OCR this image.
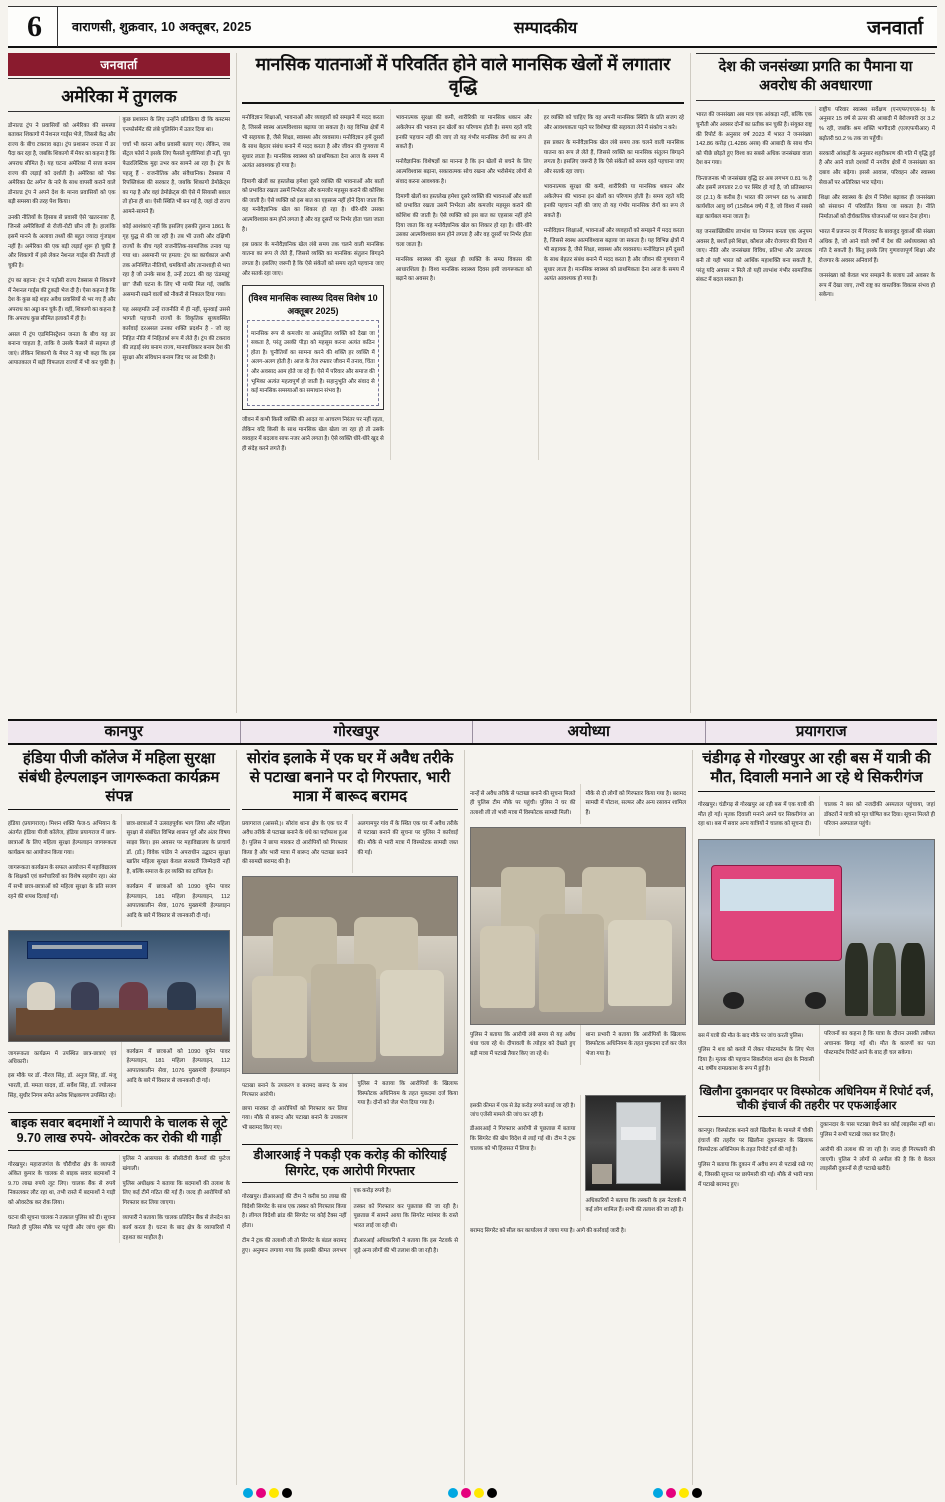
6	वाराणसी, शुक्रवार, 10 अक्तूबर, 2025	सम्पादकीय	जनवार्ता
जनवार्ता
अमेरिका में तुगलक

डोनाल्ड ट्रंप ने प्रवासियों को अमेरिका की समस्या बताकर शिकागो में नेशनल गार्ड्स भेजे, जिससे केंद्र और राज्य के बीच टकराव बढ़ा। ट्रंप प्रशासन जनता में डर पैदा कर रहा है, जबकि शिकागो में मेयर का कहना है कि अपराध सीमित है। यह घटना अमेरिका में सत्ता बनाम राज्य की लड़ाई को दर्शाती है। अमेरिका को 'मेक अमेरिका ग्रेट अगेन' के नारे के साथ वापसी कराने वाले डोनाल्ड ट्रंप ने अपने देश के मानव प्रवासियों को एक बड़ी समस्या की तरह पेश किया।

उनकी नीतियों के हिसाब से प्रवासी ऐसे 'खतरनाक' हैं, जिनसे अमेरिकियों से रोजी-रोटी छीन ली है। हालांकि इसमें मानने के अलावा तथ्यों की बहुत ज्यादा गुंजाइश नहीं है। अमेरिका की एक बड़ी लड़ाई शुरू हो चुकी है और शिकागो में इसे लेकर नेशनल गार्ड्स की तैनाती हो चुकी है।

ट्रंप का बहाना: ट्रंप ने पड़ोसी राज्य टेक्सास से शिकागो में नेशनल गार्ड्स की टुकड़ी भेज दी है। ऐसा कहना है कि देश के कुछ बड़े शहर अवैध प्रवासियों से भर गए हैं और अपराध का अड्डा बन चुके हैं। वहीं, शिकागो का कहना है कि अपराध कुछ सीमित इलाकों में ही है।

असल में ट्रंप एडमिनिस्ट्रेशन जनता के बीच यह डर बनाना चाहता है, ताकि वे उसके फैसले से सहमत हो जाएं। लेकिन शिकागो के मेयर ने यह भी कहा कि इस आपातकाल में बड़ी विफलता राज्यों में भी कर चुकी है। कुछ प्रशासन के लिए उन्होंने प्रतिक्रिया दी कि कस्टम्स एनफोर्समेंट की लंबे पुलिसिंग में उतार दिया था।

चर्चा भी करना अवैध प्रवासी बताए गए। लेकिन, जब सेंट्रल फोर्स ने इसके लिए फैसले मुजीमियां ही नहीं, पूरा फेडरलिस्टिक मुद्दा उभर कर सामने आ रहा है। ट्रंप के पहलू हैं - राजनीतिक और संवैधानिक। टेक्सास में रिपब्लिकंस की सरकार है, जबकि शिकागो डेमोक्रेट्स का गढ़ है और वहां डेमोक्रेट्स की ऐसे में सियासी बवाल तो होना ही था। ऐसी स्थिति भी बन गई है, जहां दो राज्य आमने-सामने हैं।

कोई आशंकाएं नहीं कि इसलिए इसकी तुलना 1861 के गृह युद्ध से की जा रही है। तब भी उत्तरी और दक्षिणी राज्यों के बीच गहरे राजनीतिक-सामाजिक तनाव पड़ गया था। असमानी पर हमला: ट्रंप का कार्यकाल अभी तक अनिश्चित नीतियों, धमकियों और तानाशाही से भरा रहा है जो उनके साथ है, उन्हें 2021 की वह 'ठंडमझूं' छा'' जैसी घटना के लिए भी माफी मिल गई, जबकि असमानी रखने वालों को नौकरी से निकाल दिया गया।

यह असहमति उन्हें राजनीति में ही नहीं, सुनवाई उससे भागती पहचानी राज्यों के विकृतिक सुव्यवस्थित कार्रवाई दरअसल उनका शक्ति प्रदर्शन है - जो वह निहित नीति में निहितार्थ रूप में लेते हैं। ट्रंप की टकराव की लड़ाई संघ बनाम राज्य, मानवाधिकार बनाम देश की सुरक्षा और संविधान बनाम जिद पर आ टिकी है।

मानसिक यातनाओं में परिवर्तित होने वाले मानसिक खेलों में लगातार वृद्धि

मनोविज्ञान शिक्षाओं, भावनाओं और व्यवहारों को समझने में मदद करता है, जिससे स्वस्थ आत्मविश्वास बढ़ाया जा सकता है। यह विभिन्न क्षेत्रों में भी सहायक है, जैसे शिक्षा, स्वास्थ्य और व्यवसाय। मनोविज्ञान हमें दूसरों के साथ बेहतर संबंध बनाने में मदद करता है और जीवन की गुणवत्ता में सुधार लाता है। मानसिक स्वास्थ्य को प्राथमिकता देना आज के समय में अत्यंत आवश्यक हो गया है।

दिमागी खेलों का हस्तलेख हमेशा दूसरे व्यक्ति की भावनाओं और बातों को प्रभावित रखता उसमें निर्भरता और कमजोर महसूस कराने की कोशिश की जाती है। ऐसे व्यक्ति को इस बात का एहसास नहीं होने दिया जाता कि वह मनोवैज्ञानिक खेल का शिकार हो रहा है। धीरे-धीरे उसका आत्मविश्वास कम होने लगता है और वह दूसरों पर निर्भर होता चला जाता है।

इस प्रकार के मनोवैज्ञानिक खेल लंबे समय तक चलने वाली मानसिक यातना का रूप ले लेते हैं, जिससे व्यक्ति का मानसिक संतुलन बिगड़ने लगता है। इसलिए जरूरी है कि ऐसे संकेतों को समय रहते पहचाना जाए और सतर्क रहा जाए।

(विश्व मानसिक स्वास्थ्य दिवस विशेष 10 अक्तूबर 2025)

मानसिक रूप से कमजोर या असंतुलित व्यक्ति को देखा जा सकता है, परंतु उसकी पीड़ा को महसूस करना अत्यंत कठिन होता है। चुनौतियों का सामना करने की शक्ति हर व्यक्ति में अलग-अलग होती है। आज के तेज रफ्तार जीवन में तनाव, चिंता और अवसाद आम होते जा रहे हैं। ऐसे में परिवार और समाज की भूमिका अत्यंत महत्वपूर्ण हो जाती है। सहानुभूति और संवाद से कई मानसिक समस्याओं का समाधान संभव है।

जीवन में कभी किसी व्यक्ति की आदत या आचरण निरंतर पर नहीं रहता, लेकिन यदि किसी के साथ मानसिक खेल खेला जा रहा हो तो उसके व्यवहार में बदलाव साफ नजर आने लगता है। ऐसे व्यक्ति धीरे-धीरे खुद से ही संदेह करने लगते हैं।

भावनात्मक सुरक्षा की कमी, शारीरिकी या मानसिक थकान और अकेलेपन की भावना इन खेलों का परिणाम होती है। समय रहते यदि इनकी पहचान नहीं की जाए तो यह गंभीर मानसिक रोगों का रूप ले सकते हैं।

मनोवैज्ञानिक विशेषज्ञों का मानना है कि इन खेलों से बचने के लिए आत्मविश्वास बढ़ाना, सकारात्मक सोच रखना और भरोसेमंद लोगों से संवाद करना आवश्यक है।

दिमागी खेलों का हस्तलेख हमेशा दूसरे व्यक्ति की भावनाओं और बातों को प्रभावित रखता उसमें निर्भरता और कमजोर महसूस कराने की कोशिश की जाती है। ऐसे व्यक्ति को इस बात का एहसास नहीं होने दिया जाता कि वह मनोवैज्ञानिक खेल का शिकार हो रहा है। धीरे-धीरे उसका आत्मविश्वास कम होने लगता है और वह दूसरों पर निर्भर होता चला जाता है।

मानसिक स्वास्थ्य की सुरक्षा ही व्यक्ति के समग्र विकास की आधारशिला है। विश्व मानसिक स्वास्थ्य दिवस इसी जागरूकता को बढ़ाने का अवसर है।

हर व्यक्ति को चाहिए कि वह अपनी मानसिक स्थिति के प्रति सजग रहे और आवश्यकता पड़ने पर विशेषज्ञ की सहायता लेने में संकोच न करे।

इस प्रकार के मनोवैज्ञानिक खेल लंबे समय तक चलने वाली मानसिक यातना का रूप ले लेते हैं, जिससे व्यक्ति का मानसिक संतुलन बिगड़ने लगता है। इसलिए जरूरी है कि ऐसे संकेतों को समय रहते पहचाना जाए और सतर्क रहा जाए।

भावनात्मक सुरक्षा की कमी, शारीरिकी या मानसिक थकान और अकेलेपन की भावना इन खेलों का परिणाम होती है। समय रहते यदि इनकी पहचान नहीं की जाए तो यह गंभीर मानसिक रोगों का रूप ले सकते हैं।

मनोविज्ञान शिक्षाओं, भावनाओं और व्यवहारों को समझने में मदद करता है, जिससे स्वस्थ आत्मविश्वास बढ़ाया जा सकता है। यह विभिन्न क्षेत्रों में भी सहायक है, जैसे शिक्षा, स्वास्थ्य और व्यवसाय। मनोविज्ञान हमें दूसरों के साथ बेहतर संबंध बनाने में मदद करता है और जीवन की गुणवत्ता में सुधार लाता है। मानसिक स्वास्थ्य को प्राथमिकता देना आज के समय में अत्यंत आवश्यक हो गया है।

देश की जनसंख्या प्रगति का पैमाना या अवरोध की अवधारणा

भारत की जनसंख्या अब मात्र एक आंकड़ा नहीं, बल्कि एक चुनौती और अवसर दोनों का प्रतीक बन चुकी है। संयुक्त राष्ट्र की रिपोर्ट के अनुसार वर्ष 2023 में भारत ने जनसंख्या 142.86 करोड़ (1.4286 अरब) की आबादी के साथ चीन को पीछे छोड़ते हुए विश्व का सबसे अधिक जनसंख्या वाला देश बन गया।

चिन्ताजनक भी जनसंख्या वृद्धि दर अब लगभग 0.81 % है और इसमें लगातार 2.0 पर स्थिर हो गई है, जो प्रतिस्थापन दर (2.1) के करीब है। भारत की लगभग 68 % आबादी कार्यशील आयु वर्ग (15से64 वर्ष) में है, जो विश्व में सबसे बड़ा कार्यबल माना जाता है।

यह जनसांख्यिकीय लाभांश या निगमन बनता एक अनुपम अवसर है, बशर्ते इसे शिक्षा, कौशल और रोजगार की दिशा में जाए। नीति और जनसंख्या विविध, प्रतिभा और उत्पादक बनी तो यही भारत को आर्थिक महाशक्ति बना सकती है, परंतु यदि अवसर न मिले तो यही लाभांश गंभीर सामाजिक संकट में बदल सकता है।

राष्ट्रीय परिवार स्वास्थ्य सर्वेक्षण (एनएफएचएस-5) के अनुसार 15 वर्ष से ऊपर की आबादी में बेरोजगारी दर 3.2 % रही, जबकि श्रम शक्ति भागीदारी (एलएफपीआर) में बढ़ोतरी 50.2 % तक जा पहुँची।

सरकारी आंकड़ों के अनुसार शहरीकरण की गति में वृद्धि हुई है और आने वाले दशकों में नगरीय क्षेत्रों में जनसंख्या का दबाव और बढ़ेगा। इससे आवास, परिवहन और स्वास्थ्य सेवाओं पर अतिरिक्त भार पड़ेगा।

शिक्षा और स्वास्थ्य के क्षेत्र में निवेश बढ़ाकर ही जनसंख्या को संसाधन में परिवर्तित किया जा सकता है। नीति निर्माताओं को दीर्घकालिक योजनाओं पर ध्यान देना होगा।

भारत में प्रजनन दर में गिरावट के बावजूद युवाओं की संख्या अधिक है, जो आने वाले वर्षों में देश की अर्थव्यवस्था को गति दे सकती है। किंतु इसके लिए गुणवत्तापूर्ण शिक्षा और रोजगार के अवसर अनिवार्य हैं।

जनसंख्या को केवल भार समझने के बजाय उसे अवसर के रूप में देखा जाए, तभी राष्ट्र का वास्तविक विकास संभव हो सकेगा।

कानपुर	गोरखपुर	अयोध्या	प्रयागराज
हंडिया पीजी कॉलेज में महिला सुरक्षा संबंधी हेल्पलाइन जागरूकता कार्यक्रम संपन्न

हंडिया (प्रयागराज)। मिशन शक्ति फेज-5 अभियान के अंतर्गत हंडिया पीजी कॉलेज, हंडिया प्रयागराज में छात्र-छात्राओं के लिए महिला सुरक्षा हेल्पलाइन जागरूकता कार्यक्रम का आयोजन किया गया।

जागरूकता कार्यक्रम के सफल आयोजन में महाविद्यालय के शिक्षकों एवं कर्मचारियों का विशेष सहयोग रहा। अंत में सभी छात्र-छात्राओं को महिला सुरक्षा के प्रति सजग रहने की शपथ दिलाई गई।

छात्र-छात्राओं ने उत्साहपूर्वक भाग लिया और महिला सुरक्षा से संबंधित विभिन्न शासन पूर्व और अंतर विषय साझा किए। इस अवसर पर महाविद्यालय के प्राचार्य डॉ. (डॉ.) विवेक पांडेय ने अपराधीन उद्घाटन सुरक्षा खातिर महिला सुरक्षा केवल सरकारी जिम्मेदारी नहीं है, बल्कि समाज के हर व्यक्ति का दायित्व है।

कार्यक्रम में छात्राओं को 1090 वूमेन पावर हेल्पलाइन, 181 महिला हेल्पलाइन, 112 आपातकालीन सेवा, 1076 मुख्यमंत्री हेल्पलाइन आदि के बारे में विस्तार से जानकारी दी गई।

जागरूकता कार्यक्रम में उपस्थित छात्र-छात्राएं एवं अधिकारी।

इस मौके पर डॉ. नीरज सिंह, डॉ. अनुज सिंह, डॉ. मंजू भारती, डॉ. ममता यादव, डॉ. सर्वेश सिंह, डॉ. ज्योत्सना सिंह, सुधीर निगम समेत अनेक शिक्षकगण उपस्थित रहे।

कार्यक्रम में छात्राओं को 1090 वूमेन पावर हेल्पलाइन, 181 महिला हेल्पलाइन, 112 आपातकालीन सेवा, 1076 मुख्यमंत्री हेल्पलाइन आदि के बारे में विस्तार से जानकारी दी गई।

बाइक सवार बदमाशों ने व्यापारी के चालक से लूटे 9.70 लाख रुपये- ओवरटेक कर रोकी थी गाड़ी

गोरखपुर। महाराजगंज के चौरीचौरा क्षेत्र के व्यापारी अंकित कुमार के चालक से बाइक सवार बदमाशों ने 9.70 लाख रुपये लूट लिए। चालक बैंक से रुपये निकालकर लौट रहा था, तभी रास्ते में बदमाशों ने गाड़ी को ओवरटेक कर रोक लिया।

घटना की सूचना चालक ने तत्काल पुलिस को दी। सूचना मिलते ही पुलिस मौके पर पहुंची और जांच शुरू की। पुलिस ने आसपास के सीसीटीवी कैमरों की फुटेज खंगाली।

पुलिस अधीक्षक ने बताया कि बदमाशों की तलाश के लिए कई टीमें गठित की गई हैं। जल्द ही आरोपियों को गिरफ्तार कर लिया जाएगा।

व्यापारी ने बताया कि चालक प्रतिदिन बैंक से लेनदेन का कार्य करता है। घटना के बाद क्षेत्र के व्यापारियों में दहशत का माहौल है।

सोरांव इलाके में एक घर में अवैध तरीके से पटाखा बनाने पर दो गिरफ्तार, भारी मात्रा में बारूद बरामद

प्रयागराज (आससे.)। सोरांव थाना क्षेत्र के एक घर में अवैध तरीके से पटाखा बनाने के धंधे का पर्दाफाश हुआ है। पुलिस ने छापा मारकर दो आरोपियों को गिरफ्तार किया है और भारी मात्रा में बारूद और पटाखा बनाने की सामग्री बरामद की है।

अलगामपुर गांव में के स्थित एक घर में अवैध तरीके से पटाखा बनाने की सूचना पर पुलिस ने कार्रवाई की। मौके से भारी मात्रा में विस्फोटक सामग्री जब्त की गई।

पटाखा बनाने के उपकरण व बरामद बारूद के साथ गिरफ्तार आरोपी।

छापा मारकर दो आरोपियों को गिरफ्तार कर लिया गया। मौके से बारूद और पटाखा बनाने के उपकरण भी बरामद किए गए।

पुलिस ने बताया कि आरोपियों के खिलाफ विस्फोटक अधिनियम के तहत मुकदमा दर्ज किया गया है। दोनों को जेल भेज दिया गया है।

डीआरआई ने पकड़ी एक करोड़ की कोरियाई सिगरेट, एक आरोपी गिरफ्तार

गोरखपुर। डीआरआई की टीम ने करीब 50 लाख की विदेशी सिगरेट के साथ एक तस्कर को गिरफ्तार किया है। लीगल विदेशी ब्रांड की सिगरेट पर कोई टैक्स नहीं होता।

टीम ने ट्रक की तलाशी ली तो सिगरेट के बंडल बरामद हुए। अनुमान लगाया गया कि इसकी कीमत लगभग एक करोड़ रुपये है।

तस्कर को गिरफ्तार कर पूछताछ की जा रही है। पूछताछ में सामने आया कि सिगरेट म्यांमार के रास्ते भारत लाई जा रही थी।

डीआरआई अधिकारियों ने बताया कि इस नेटवर्क से जुड़े अन्य लोगों की भी तलाश की जा रही है।

नान्हें से अवैध तरीके से पटाखा बनाने की सूचना मिलते ही पुलिस टीम मौके पर पहुंची। पुलिस ने घर की तलाशी ली तो भारी मात्रा में विस्फोटक सामग्री मिली।

मौके से दो लोगों को गिरफ्तार किया गया है। बरामद सामग्री में पोटाश, सल्फर और अन्य रसायन शामिल हैं।

पुलिस ने बताया कि आरोपी लंबे समय से यह अवैध धंधा चला रहे थे। दीपावली के त्योहार को देखते हुए बड़ी मात्रा में पटाखे तैयार किए जा रहे थे।

थाना प्रभारी ने बताया कि आरोपियों के खिलाफ विस्फोटक अधिनियम के तहत मुकदमा दर्ज कर जेल भेजा गया है।

इसकी कीमत में एक से डेढ़ करोड़ रुपये बताई जा रही है। जांच एजेंसी मामले की जांच कर रही है।

डीआरआई ने गिरफ्तार आरोपी से पूछताछ में बताया कि सिगरेट की खेप विदेश से लाई गई थी। टीम ने ट्रक चालक को भी हिरासत में लिया है।

अधिकारियों ने बताया कि तस्करी के इस नेटवर्क में कई लोग शामिल हैं। सभी की तलाश की जा रही है।

बरामद सिगरेट को सील कर कार्यालय ले जाया गया है। आगे की कार्रवाई जारी है।

चंडीगढ़ से गोरखपुर आ रही बस में यात्री की मौत, दिवाली मनाने आ रहे थे सिकरीगंज

गोरखपुर। चंडीगढ़ से गोरखपुर आ रही बस में एक यात्री की मौत हो गई। मृतक दिवाली मनाने अपने घर सिकरीगंज आ रहा था। बस में सवार अन्य यात्रियों ने चालक को सूचना दी।

चालक ने बस को नजदीकी अस्पताल पहुंचाया, जहां डॉक्टरों ने यात्री को मृत घोषित कर दिया। सूचना मिलते ही परिजन अस्पताल पहुंचे।

बस में यात्री की मौत के बाद मौके पर जांच करती पुलिस।

पुलिस ने शव को कब्जे में लेकर पोस्टमार्टम के लिए भेज दिया है। मृतक की पहचान सिकरीगंज थाना क्षेत्र के निवासी 41 वर्षीय रामप्रकाश के रूप में हुई है।

परिजनों का कहना है कि यात्रा के दौरान उसकी तबीयत अचानक बिगड़ गई थी। मौत के कारणों का पता पोस्टमार्टम रिपोर्ट आने के बाद ही चल सकेगा।

खिलौना दुकानदार पर विस्फोटक अधिनियम में रिपोर्ट दर्ज, चौकी इंचार्ज की तहरीर पर एफआईआर

कानपुर। विस्फोटक बनाने वाले खिलौना के मामले में चौकी इंचार्ज की तहरीर पर खिलौना दुकानदार के खिलाफ विस्फोटक अधिनियम के तहत रिपोर्ट दर्ज की गई है।

पुलिस ने बताया कि दुकान में अवैध रूप से पटाखे रखे गए थे, जिसकी सूचना पर छापेमारी की गई। मौके से भारी मात्रा में पटाखे बरामद हुए।

दुकानदार के पास पटाखा बेचने का कोई लाइसेंस नहीं था। पुलिस ने सभी पटाखे जब्त कर लिए हैं।

आरोपी की तलाश की जा रही है। जल्द ही गिरफ्तारी की जाएगी। पुलिस ने लोगों से अपील की है कि वे केवल लाइसेंसी दुकानों से ही पटाखे खरीदें।
